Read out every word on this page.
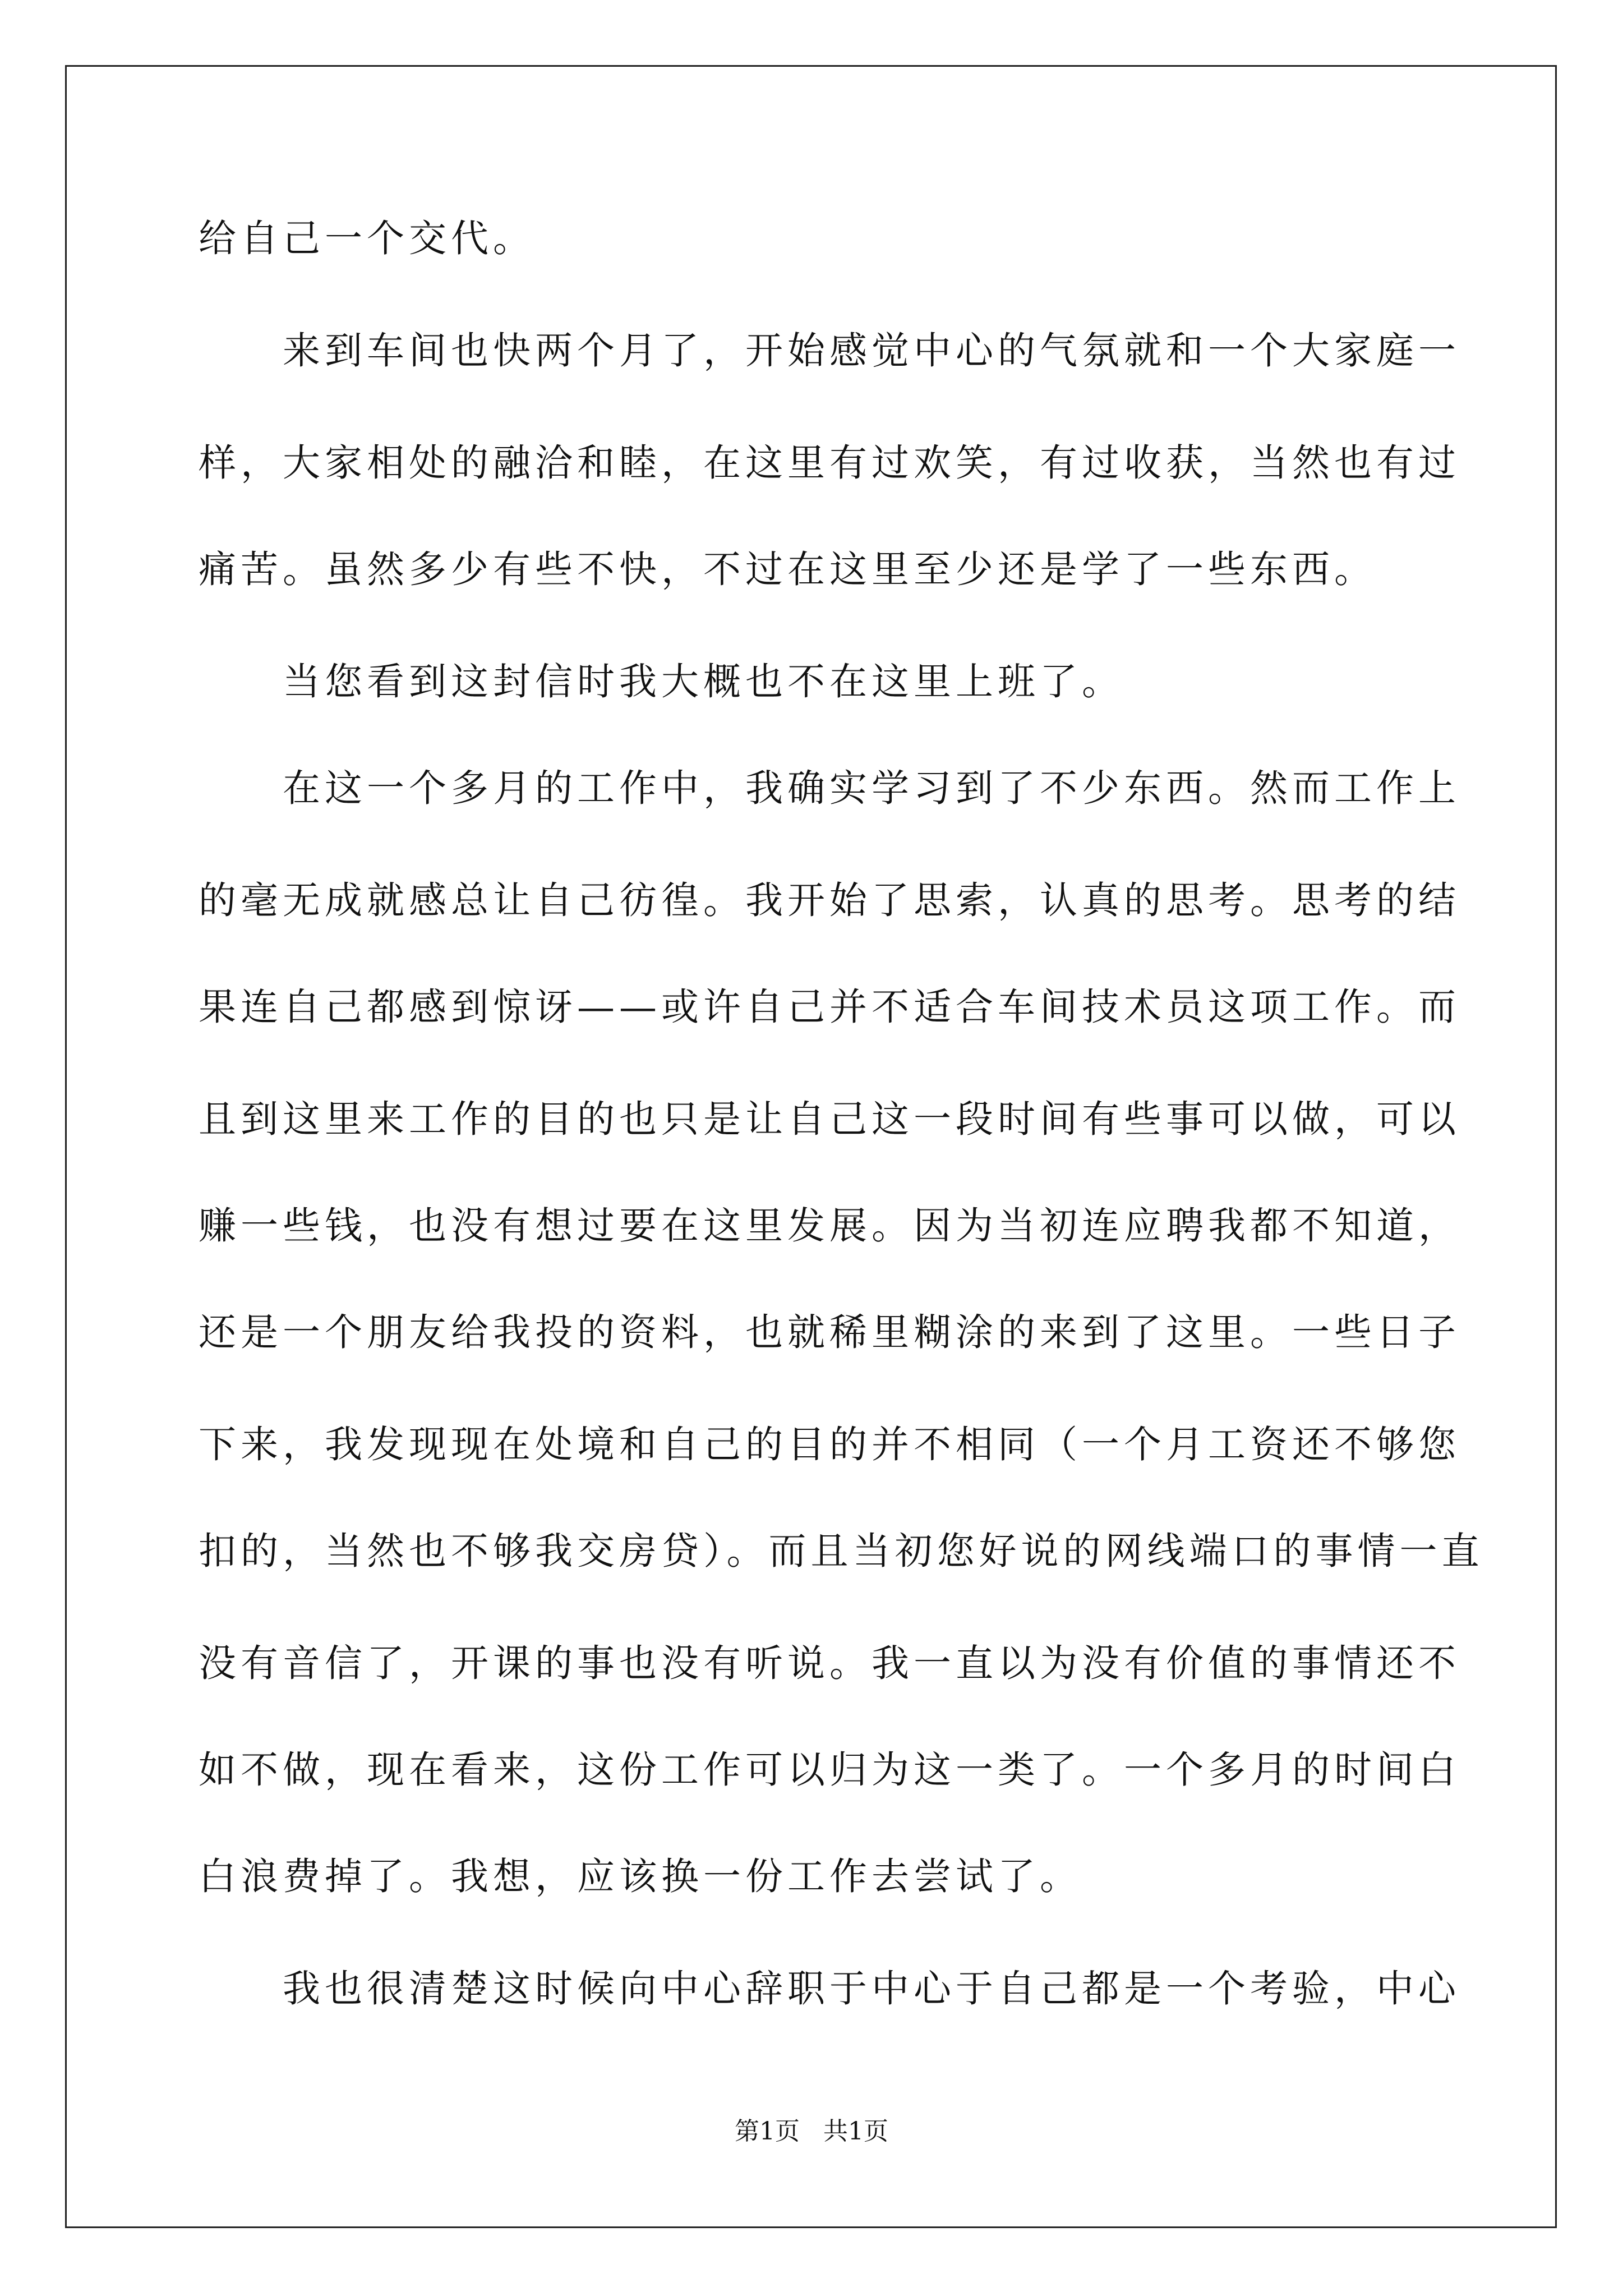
给自己一个交代。
来到车间也快两个月了，开始感觉中心的气氛就和一个大家庭一
样，大家相处的融洽和睦，在这里有过欢笑，有过收获，当然也有过
痛苦。虽然多少有些不快，不过在这里至少还是学了一些东西。
当您看到这封信时我大概也不在这里上班了。
在这一个多月的工作中，我确实学习到了不少东西。然而工作上
的毫无成就感总让自己彷徨。我开始了思索，认真的思考。思考的结
果连自己都感到惊讶——或许自己并不适合车间技术员这项工作。而
且到这里来工作的目的也只是让自己这一段时间有些事可以做，可以
赚一些钱，也没有想过要在这里发展。因为当初连应聘我都不知道，
还是一个朋友给我投的资料，也就稀里糊涂的来到了这里。一些日子
下来，我发现现在处境和自己的目的并不相同（一个月工资还不够您
扣的，当然也不够我交房贷）。而且当初您好说的网线端口的事情一直
没有音信了，开课的事也没有听说。我一直以为没有价值的事情还不
如不做，现在看来，这份工作可以归为这一类了。一个多月的时间白
白浪费掉了。我想，应该换一份工作去尝试了。
我也很清楚这时候向中心辞职于中心于自己都是一个考验，中心
第1页   共1页
